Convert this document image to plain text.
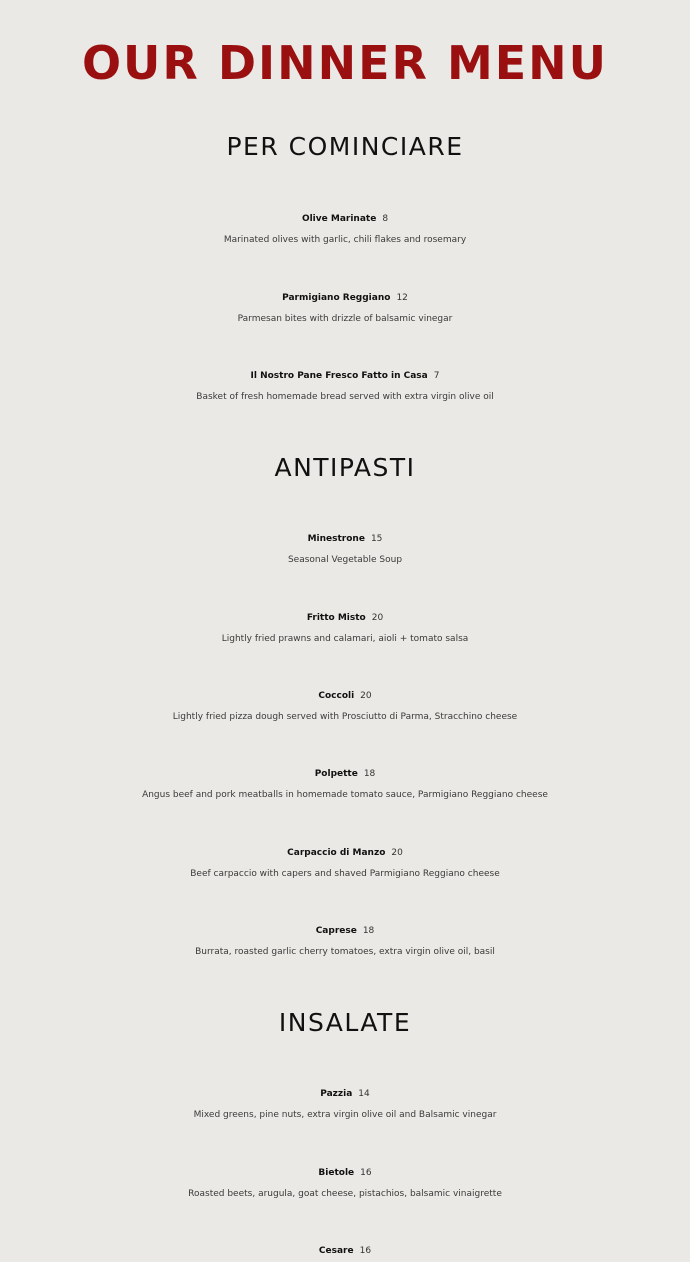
OUR DINNER MENU
PER COMINCIARE
Olive Marinate 8
Marinated olives with garlic, chili flakes and rosemary
Parmigiano Reggiano 12
Parmesan bites with drizzle of balsamic vinegar
Il Nostro Pane Fresco Fatto in Casa 7
Basket of fresh homemade bread served with extra virgin olive oil
ANTIPASTI
Minestrone 15
Seasonal Vegetable Soup
Fritto Misto 20
Lightly fried prawns and calamari, aioli + tomato salsa
Coccoli 20
Lightly fried pizza dough served with Prosciutto di Parma, Stracchino cheese
Polpette 18
Angus beef and pork meatballs in homemade tomato sauce, Parmigiano Reggiano cheese
Carpaccio di Manzo 20
Beef carpaccio with capers and shaved Parmigiano Reggiano cheese
Caprese 18
Burrata, roasted garlic cherry tomatoes, extra virgin olive oil, basil
INSALATE
Pazzia 14
Mixed greens, pine nuts, extra virgin olive oil and Balsamic vinegar
Bietole 16
Roasted beets, arugula, goat cheese, pistachios, balsamic vinaigrette
Cesare 16
